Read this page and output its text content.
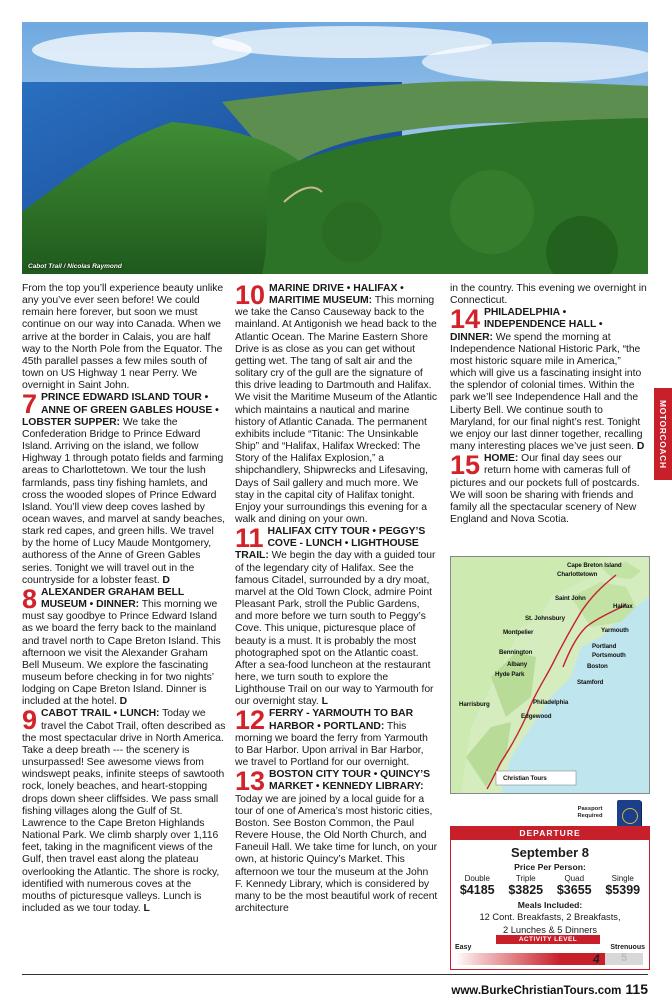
Cabot Trail / Nicolas Raymond

From the top you’ll experience beauty unlike any you’ve ever seen before! We could remain here forever, but soon we must continue on our way into Canada. When we arrive at the border in Calais, you are half way to the North Pole from the Equator. The 45th parallel passes a few miles south of town on US Highway 1 near Perry. We overnight in Saint John.

7 PRINCE EDWARD ISLAND TOUR • ANNE OF GREEN GABLES HOUSE • LOBSTER SUPPER: We take the Confederation Bridge to Prince Edward Island. Arriving on the island, we follow Highway 1 through potato fields and farming areas to Charlottetown. We tour the lush farmlands, pass tiny fishing hamlets, and cross the wooded slopes of Prince Edward Island. You’ll view deep coves lashed by ocean waves, and marvel at sandy beaches, stark red capes, and green hills. We travel by the home of Lucy Maude Montgomery, authoress of the Anne of Green Gables series. Tonight we will travel out in the countryside for a lobster feast. D
8 ALEXANDER GRAHAM BELL MUSEUM • DINNER: This morning we must say goodbye to Prince Edward Island as we board the ferry back to the mainland and travel north to Cape Breton Island. This afternoon we visit the Alexander Graham Bell Museum. We explore the fascinating museum before checking in for two nights’ lodging on Cape Breton Island. Dinner is included at the hotel. D
9 CABOT TRAIL • LUNCH: Today we travel the Cabot Trail, often described as the most spectacular drive in North America. Take a deep breath --- the scenery is unsurpassed! See awesome views from windswept peaks, infinite steeps of sawtooth rock, lonely beaches, and heart-stopping drops down sheer cliffsides. We pass small fishing villages along the Gulf of St. Lawrence to the Cape Breton Highlands National Park. We climb sharply over 1,116 feet, taking in the magnificent views of the Gulf, then travel east along the plateau overlooking the Atlantic. The shore is rocky, identified with numerous coves at the mouths of picturesque valleys. Lunch is included as we tour today. L
10 MARINE DRIVE • HALIFAX • MARITIME MUSEUM: This morning we take the Canso Causeway back to the mainland. At Antigonish we head back to the Atlantic Ocean. The Marine Eastern Shore Drive is as close as you can get without getting wet. The tang of salt air and the solitary cry of the gull are the signature of this drive leading to Dartmouth and Halifax. We visit the Maritime Museum of the Atlantic which maintains a nautical and marine history of Atlantic Canada. The permanent exhibits include “Titanic: The Unsinkable Ship” and “Halifax, Halifax Wrecked: The Story of the Halifax Explosion,” a shipchandlery, Shipwrecks and Lifesaving, Days of Sail gallery and much more. We stay in the capital city of Halifax tonight. Enjoy your surroundings this evening for a walk and dining on your own.
11 HALIFAX CITY TOUR • PEGGY’S COVE - LUNCH • LIGHTHOUSE TRAIL: We begin the day with a guided tour of the legendary city of Halifax. See the famous Citadel, surrounded by a dry moat, marvel at the Old Town Clock, admire Point Pleasant Park, stroll the Public Gardens, and more before we turn south to Peggy’s Cove. This unique, picturesque place of beauty is a must. It is probably the most photographed spot on the Atlantic coast. After a sea-food luncheon at the restaurant here, we turn south to explore the Lighthouse Trail on our way to Yarmouth for our overnight stay. L
12 FERRY - YARMOUTH TO BAR HARBOR • PORTLAND: This morning we board the ferry from Yarmouth to Bar Harbor. Upon arrival in Bar Harbor, we travel to Portland for our overnight.
13 BOSTON CITY TOUR • QUINCY’S MARKET • KENNEDY LIBRARY: Today we are joined by a local guide for a tour of one of America’s most historic cities, Boston. See Boston Common, the Paul Revere House, the Old North Church, and Faneuil Hall. We take time for lunch, on your own, at historic Quincy’s Market. This afternoon we tour the museum at the John F. Kennedy Library, which is considered by many to be the most beautiful work of recent architecture

in the country. This evening we overnight in Connecticut.

14 PHILADELPHIA • INDEPENDENCE HALL • DINNER: We spend the morning at Independence National Historic Park, “the most historic square mile in America,” which will give us a fascinating insight into the splendor of colonial times. Within the park we’ll see Independence Hall and the Liberty Bell. We continue south to Maryland, for our final night’s rest. Tonight we enjoy our last dinner together, recalling many interesting places we’ve just seen. D
15 HOME: Our final day sees our return home with cameras full of pictures and our pockets full of postcards. We will soon be sharing with friends and family all the spectacular scenery of New England and Nova Scotia.
MOTORCOACH
Cape Breton Island
Charlottetown
Saint John
Halifax
St. Johnsbury
Yarmouth
Montpelier
Portland
Bennington	Portsmouth
Albany	Boston
Hyde Park
Stamford
Harrisburg	Philadelphia
Edgewood
Christian Tours
Passport Required
DEPARTURE
September 8
Price Per Person:
Double
$4185
Triple
$3825
Quad
$3655
Single
$5399
Meals Included:
12 Cont. Breakfasts, 2 Breakfasts,
2 Lunches & 5 Dinners
ACTIVITY LEVEL
Easy	Strenuous
4 5
www.BurkeChristianTours.com 115
